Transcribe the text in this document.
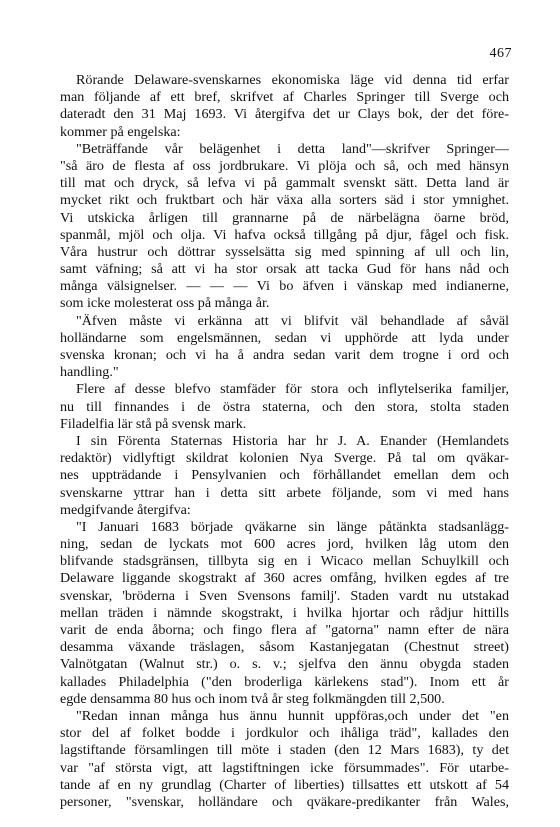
467
Rörande Delaware-svenskarnes ekonomiska läge vid denna tid erfar
man följande af ett bref, skrifvet af Charles Springer till Sverge och
dateradt den 31 Maj 1693. Vi återgifva det ur Clays bok, der det före-
kommer på engelska:
"Beträffande vår belägenhet i detta land"—skrifver Springer—
"så äro de flesta af oss jordbrukare. Vi plöja och så, och med hänsyn
till mat och dryck, så lefva vi på gammalt svenskt sätt. Detta land är
mycket rikt och fruktbart och här växa alla sorters säd i stor ymnighet.
Vi utskicka årligen till grannarne på de närbelägna öarne bröd,
spanmål, mjöl och olja. Vi hafva också tillgång på djur, fågel och fisk.
Våra hustrur och döttrar sysselsätta sig med spinning af ull och lin,
samt väfning; så att vi ha stor orsak att tacka Gud för hans nåd och
många välsignelser. — — — Vi bo äfven i vänskap med indianerne,
som icke molesterat oss på många år.
"Äfven måste vi erkänna att vi blifvit väl behandlade af såväl
holländarne som engelsmännen, sedan vi upphörde att lyda under
svenska kronan; och vi ha å andra sedan varit dem trogne i ord och
handling."
Flere af desse blefvo stamfäder för stora och inflytelserika familjer,
nu till finnandes i de östra staterna, och den stora, stolta staden
Filadelfia lär stå på svensk mark.
I sin Förenta Staternas Historia har hr J. A. Enander (Hemlandets
redaktör) vidlyftigt skildrat kolonien Nya Sverge. På tal om qväkar-
nes uppträdande i Pensylvanien och förhållandet emellan dem och
svenskarne yttrar han i detta sitt arbete följande, som vi med hans
medgifvande återgifva:
"I Januari 1683 började qväkarne sin länge påtänkta stadsanlägg-
ning, sedan de lyckats mot 600 acres jord, hvilken låg utom den
blifvande stadsgränsen, tillbyta sig en i Wicaco mellan Schuylkill och
Delaware liggande skogstrakt af 360 acres omfång, hvilken egdes af tre
svenskar, 'bröderna i Sven Svensons familj'. Staden vardt nu utstakad
mellan träden i nämnde skogstrakt, i hvilka hjortar och rådjur hittills
varit de enda åborna; och fingo flera af "gatorna" namn efter de nära
desamma växande träslagen, såsom Kastanjegatan (Chestnut street)
Valnötgatan (Walnut str.) o. s. v.; sjelfva den ännu obygda staden
kallades Philadelphia ("den broderliga kärlekens stad"). Inom ett år
egde densamma 80 hus och inom två år steg folkmängden till 2,500.
"Redan innan många hus ännu hunnit uppföras,och under det "en
stor del af folket bodde i jordkulor och ihåliga träd", kallades den
lagstiftande församlingen till möte i staden (den 12 Mars 1683), ty det
var "af största vigt, att lagstiftningen icke försummades". För utarbe-
tande af en ny grundlag (Charter of liberties) tillsattes ett utskott af 54
personer, "svenskar, holländare och qväkare-predikanter från Wales,
